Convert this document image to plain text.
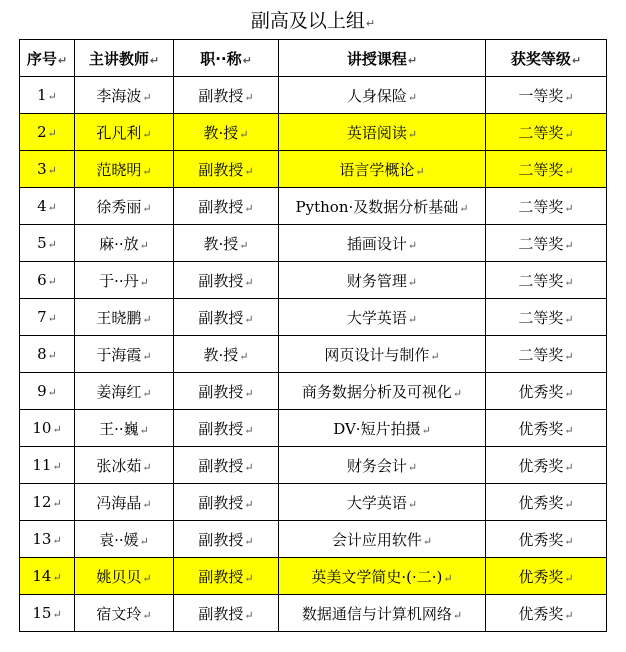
副高及以上组↵
序号↵	主讲教师↵	职··称↵	讲授课程↵	获奖等级↵
1↵	李海波↵	副教授↵	人身保险↵	一等奖↵
2↵	孔凡利↵	教·授↵	英语阅读↵	二等奖↵
3↵	范晓明↵	副教授↵	语言学概论↵	二等奖↵
4↵	徐秀丽↵	副教授↵	Python·及数据分析基础↵	二等奖↵
5↵	麻··放↵	教·授↵	插画设计↵	二等奖↵
6↵	于··丹↵	副教授↵	财务管理↵	二等奖↵
7↵	王晓鹏↵	副教授↵	大学英语↵	二等奖↵
8↵	于海霞↵	教·授↵	网页设计与制作↵	二等奖↵
9↵	姜海红↵	副教授↵	商务数据分析及可视化↵	优秀奖↵
10↵	王··巍↵	副教授↵	DV·短片拍摄↵	优秀奖↵
11↵	张冰茹↵	副教授↵	财务会计↵	优秀奖↵
12↵	冯海晶↵	副教授↵	大学英语↵	优秀奖↵
13↵	袁··媛↵	副教授↵	会计应用软件↵	优秀奖↵
14↵	姚贝贝↵	副教授↵	英美文学简史·(·二·)↵	优秀奖↵
15↵	宿文玲↵	副教授↵	数据通信与计算机网络↵	优秀奖↵
